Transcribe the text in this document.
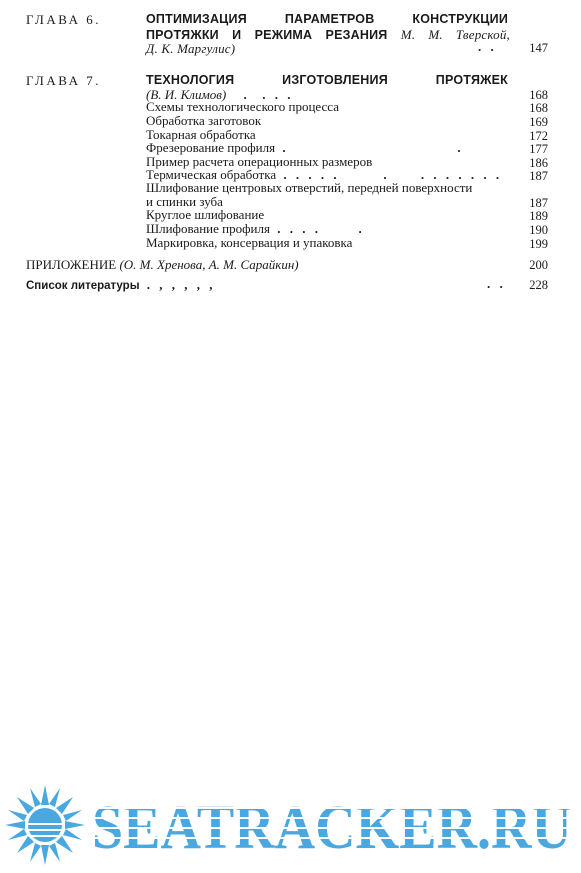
ГЛАВА 6.	ОПТИМИЗАЦИЯ ПАРАМЕТРОВ КОНСТРУКЦИИ
ПРОТЯЖКИ И РЕЖИМА РЕЗАНИЯ М. М. Тверской,
Д. К. Маргулис)	. .	147
ГЛАВА 7.	ТЕХНОЛОГИЯ ИЗГОТОВЛЕНИЯ ПРОТЯЖЕК
(В. И. Климов) .  . . .	168
Схемы технологического процесса	168
Обработка заготовок	169
Токарная обработка	172
Фрезерование профиля .                           .	177
Пример расчета операционных размеров	186
Термическая обработка . . . . .       .     . . . . . . .	187
Шлифование центровых отверстий, передней поверхности
и спинки зуба	187
Круглое шлифование	189
Шлифование профиля . . . .      .	190
Маркировка, консервация и упаковка	199
ПРИЛОЖЕНИЕ (О. М. Хренова, А. М. Сарайкин)	200
Список литературы . , , , , ,	. .	228
SEATRACKER.RU
